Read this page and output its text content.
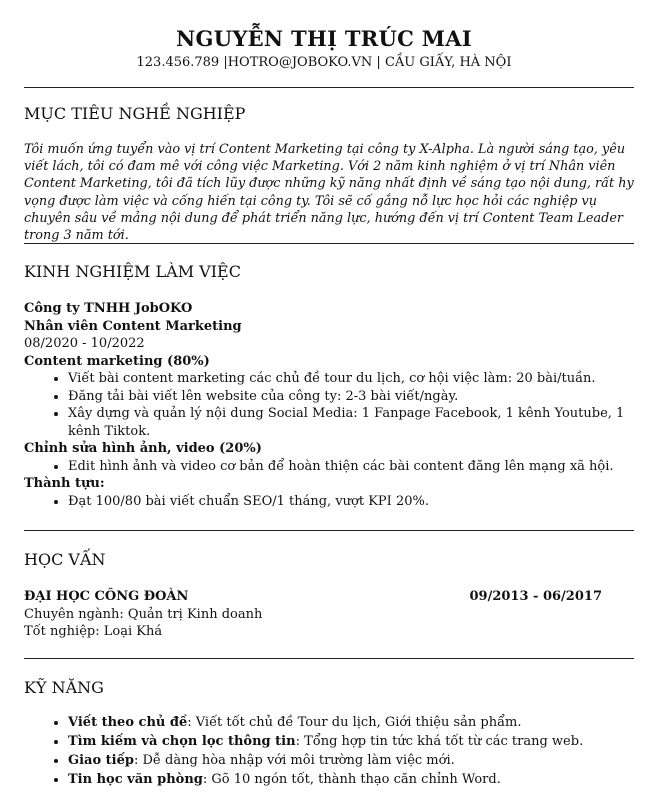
NGUYỄN THỊ TRÚC MAI
123.456.789 |HOTRO@JOBOKO.VN | CẦU GIẤY, HÀ NỘI
MỤC TIÊU NGHỀ NGHIỆP
Tôi muốn ứng tuyển vào vị trí Content Marketing tại công ty X-Alpha. Là người sáng tạo, yêu viết lách, tôi có đam mê với công việc Marketing. Với 2 năm kinh nghiệm ở vị trí Nhân viên Content Marketing, tôi đã tích lũy được những kỹ năng nhất định về sáng tạo nội dung, rất hy vọng được làm việc và cống hiến tại công ty. Tôi sẽ cố gắng nỗ lực học hỏi các nghiệp vụ chuyên sâu về mảng nội dung để phát triển năng lực, hướng đến vị trí Content Team Leader trong 3 năm tới.
KINH NGHIỆM LÀM VIỆC
Công ty TNHH JobOKO
Nhân viên Content Marketing
08/2020 - 10/2022
Content marketing (80%)
• Viết bài content marketing các chủ đề tour du lịch, cơ hội việc làm: 20 bài/tuần.
• Đăng tải bài viết lên website của công ty: 2-3 bài viết/ngày.
• Xây dựng và quản lý nội dung Social Media: 1 Fanpage Facebook, 1 kênh Youtube, 1 kênh Tiktok.
Chỉnh sửa hình ảnh, video (20%)
• Edit hình ảnh và video cơ bản để hoàn thiện các bài content đăng lên mạng xã hội.
Thành tựu:
• Đạt 100/80 bài viết chuẩn SEO/1 tháng, vượt KPI 20%.
HỌC VẤN
ĐẠI HỌC CÔNG ĐOÀN	09/2013 - 06/2017
Chuyên ngành: Quản trị Kinh doanh
Tốt nghiệp: Loại Khá
KỸ NĂNG
• Viết theo chủ đề: Viết tốt chủ đề Tour du lịch, Giới thiệu sản phẩm.
• Tìm kiếm và chọn lọc thông tin: Tổng hợp tin tức khá tốt từ các trang web.
• Giao tiếp: Dễ dàng hòa nhập với môi trường làm việc mới.
• Tin học văn phòng: Gõ 10 ngón tốt, thành thạo căn chỉnh Word.
